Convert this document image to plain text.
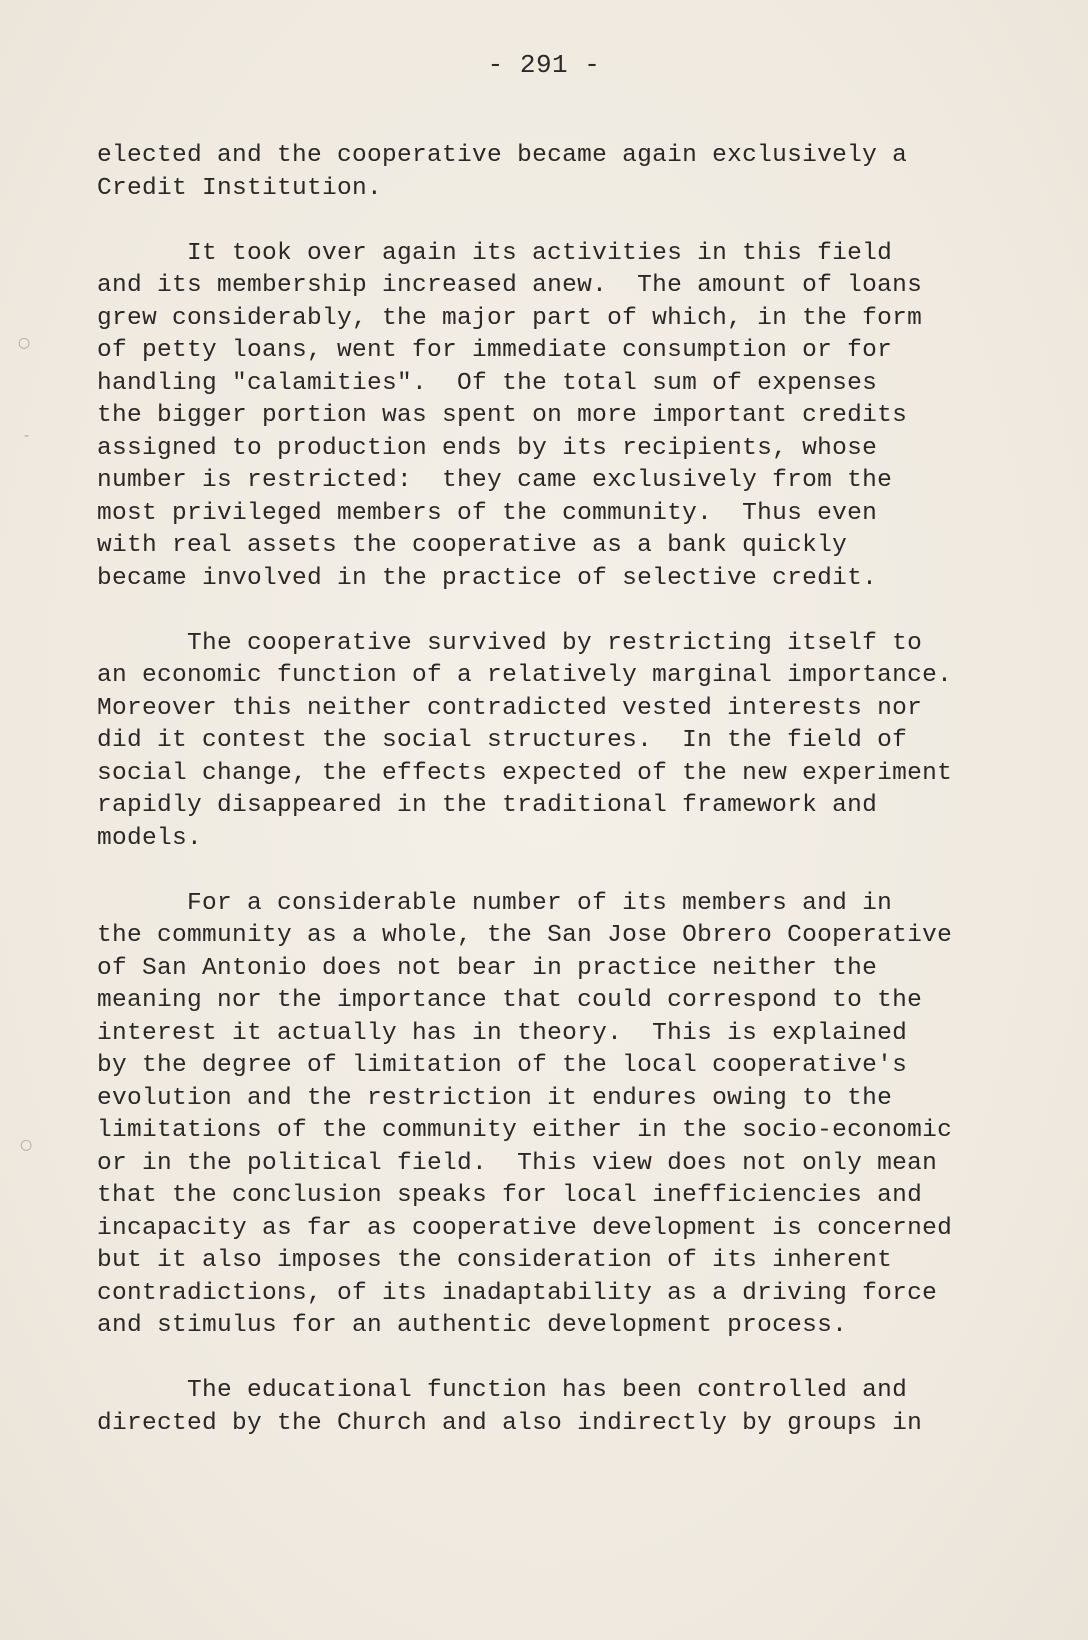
- 291 -
elected and the cooperative became again exclusively a
Credit Institution.
It took over again its activities in this field
and its membership increased anew.  The amount of loans
grew considerably, the major part of which, in the form
of petty loans, went for immediate consumption or for
handling "calamities".  Of the total sum of expenses
the bigger portion was spent on more important credits
assigned to production ends by its recipients, whose
number is restricted:  they came exclusively from the
most privileged members of the community.  Thus even
with real assets the cooperative as a bank quickly
became involved in the practice of selective credit.
The cooperative survived by restricting itself to
an economic function of a relatively marginal importance.
Moreover this neither contradicted vested interests nor
did it contest the social structures.  In the field of
social change, the effects expected of the new experiment
rapidly disappeared in the traditional framework and
models.
For a considerable number of its members and in
the community as a whole, the San Jose Obrero Cooperative
of San Antonio does not bear in practice neither the
meaning nor the importance that could correspond to the
interest it actually has in theory.  This is explained
by the degree of limitation of the local cooperative's
evolution and the restriction it endures owing to the
limitations of the community either in the socio-economic
or in the political field.  This view does not only mean
that the conclusion speaks for local inefficiencies and
incapacity as far as cooperative development is concerned
but it also imposes the consideration of its inherent
contradictions, of its inadaptability as a driving force
and stimulus for an authentic development process.
The educational function has been controlled and
directed by the Church and also indirectly by groups in
○
‐
○
